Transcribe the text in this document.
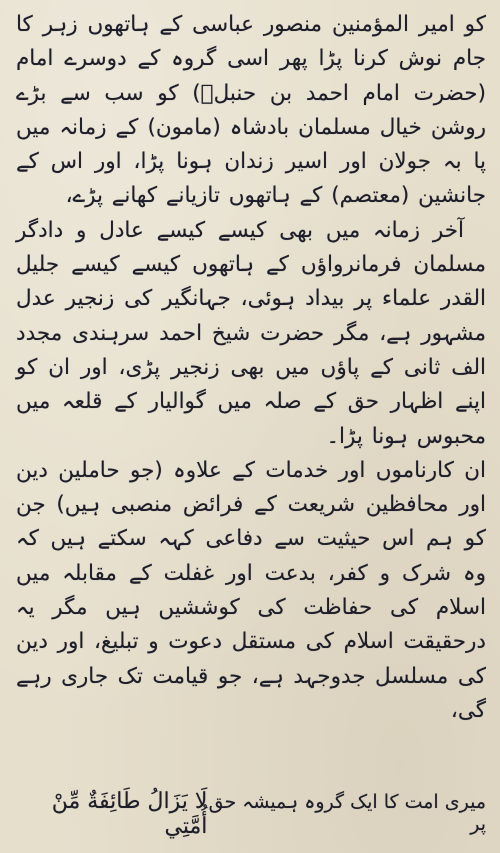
کو امیر المؤمنین منصور عباسی کے ہاتھوں زہر کا جام نوش کرنا پڑا پھر اسی گروہ کے دوسرے امام (حضرت امام احمد بن حنبلؒ) کو سب سے بڑے روشن خیال مسلمان بادشاہ (مامون) کے زمانہ میں پا بہ جولان اور اسیر زندان ہونا پڑا، اور اس کے جانشین (معتصم) کے ہاتھوں تازیانے کھانے پڑے،
آخر زمانہ میں بھی کیسے کیسے عادل و دادگر مسلمان فرمانرواؤں کے ہاتھوں کیسے کیسے جلیل القدر علماء پر بیداد ہوئی، جہانگیر کی زنجیر عدل مشہور ہے، مگر حضرت شیخ احمد سرہندی مجدد الف ثانی کے پاؤں میں بھی زنجیر پڑی، اور ان کو اپنے اظہار حق کے صلہ میں گوالیار کے قلعہ میں محبوس ہونا پڑا۔
ان کارناموں اور خدمات کے علاوہ (جو حاملین دین اور محافظین شریعت کے فرائض منصبی ہیں) جن کو ہم اس حیثیت سے دفاعی کہہ سکتے ہیں کہ وہ شرک و کفر، بدعت اور غفلت کے مقابلہ میں اسلام کی حفاظت کی کوششیں ہیں مگر یہ درحقیقت اسلام کی مستقل دعوت و تبلیغ، اور دین کی مسلسل جدوجہد ہے، جو قیامت تک جاری رہے گی،
میری امت کا ایک گروہ ہمیشہ حق پر
لَا يَزَالُ طَائِفَةٌ مِّنْ أُمَّتِي
